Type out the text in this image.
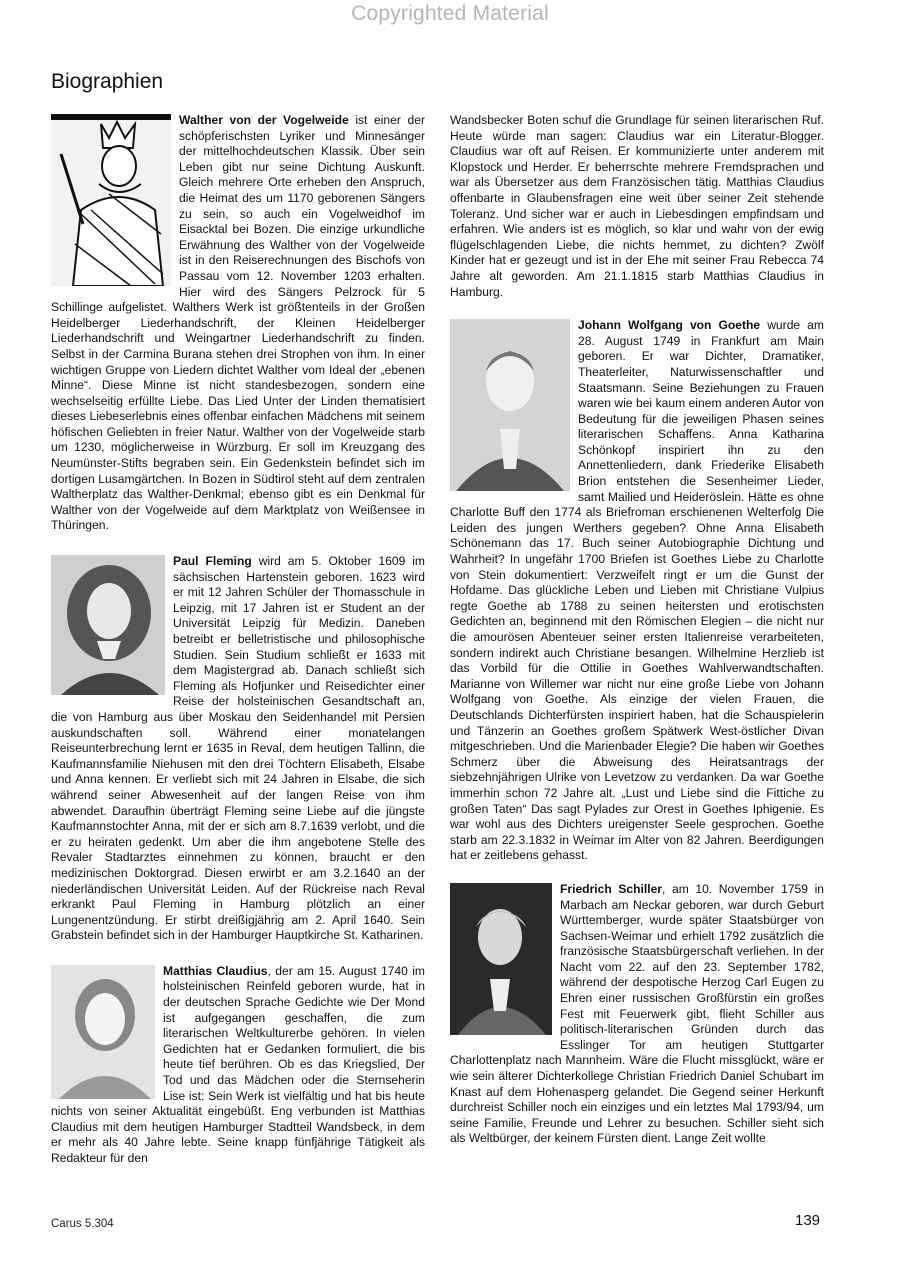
Copyrighted Material
Biographien

Walther von der Vogelweide ist einer der schöpferischsten Lyriker und Minnesänger der mittelhochdeutschen Klassik. Über sein Leben gibt nur seine Dichtung Auskunft. Gleich mehrere Orte erheben den Anspruch, die Heimat des um 1170 geborenen Sängers zu sein, so auch ein Vogelweidhof im Eisacktal bei Bozen. Die einzige urkundliche Erwähnung des Walther von der Vogelweide ist in den Reiserechnungen des Bischofs von Passau vom 12. November 1203 erhalten. Hier wird des Sängers Pelzrock für 5 Schillinge aufgelistet. Walthers Werk ist größtenteils in der Großen Heidelberger Liederhandschrift, der Kleinen Heidelberger Liederhandschrift und Weingartner Liederhandschrift zu finden. Selbst in der Carmina Burana stehen drei Strophen von ihm. In einer wichtigen Gruppe von Liedern dichtet Walther vom Ideal der „ebenen Minne“. Diese Minne ist nicht standesbezogen, sondern eine wechselseitig erfüllte Liebe. Das Lied Unter der Linden thematisiert dieses Liebeserlebnis eines offenbar einfachen Mädchens mit seinem höfischen Geliebten in freier Natur. Walther von der Vogelweide starb um 1230, möglicherweise in Würzburg. Er soll im Kreuzgang des Neumünster-Stifts begraben sein. Ein Gedenkstein befindet sich im dortigen Lusamgärtchen. In Bozen in Südtirol steht auf dem zentralen Waltherplatz das Walther-Denkmal; ebenso gibt es ein Denkmal für Walther von der Vogelweide auf dem Marktplatz von Weißensee in Thüringen.

Paul Fleming wird am 5. Oktober 1609 im sächsischen Hartenstein geboren. 1623 wird er mit 12 Jahren Schüler der Thomasschule in Leipzig, mit 17 Jahren ist er Student an der Universität Leipzig für Medizin. Daneben betreibt er belletristische und philosophische Studien. Sein Studium schließt er 1633 mit dem Magistergrad ab. Danach schließt sich Fleming als Hofjunker und Reisedichter einer Reise der holsteinischen Gesandtschaft an, die von Hamburg aus über Moskau den Seidenhandel mit Persien auskundschaften soll. Während einer monatelangen Reiseunterbrechung lernt er 1635 in Reval, dem heutigen Tallinn, die Kaufmannsfamilie Niehusen mit den drei Töchtern Elisabeth, Elsabe und Anna kennen. Er verliebt sich mit 24 Jahren in Elsabe, die sich während seiner Abwesenheit auf der langen Reise von ihm abwendet. Daraufhin überträgt Fleming seine Liebe auf die jüngste Kaufmannstochter Anna, mit der er sich am 8.7.1639 verlobt, und die er zu heiraten gedenkt. Um aber die ihm angebotene Stelle des Revaler Stadtarztes einnehmen zu können, braucht er den medizinischen Doktorgrad. Diesen erwirbt er am 3.2.1640 an der niederländischen Universität Leiden. Auf der Rückreise nach Reval erkrankt Paul Fleming in Hamburg plötzlich an einer Lungenentzündung. Er stirbt dreißigjährig am 2. April 1640. Sein Grabstein befindet sich in der Hamburger Hauptkirche St. Katharinen.

Matthias Claudius, der am 15. August 1740 im holsteinischen Reinfeld geboren wurde, hat in der deutschen Sprache Gedichte wie Der Mond ist aufgegangen geschaffen, die zum literarischen Weltkulturerbe gehören. In vielen Gedichten hat er Gedanken formuliert, die bis heute tief berühren. Ob es das Kriegslied, Der Tod und das Mädchen oder die Sternseherin Lise ist: Sein Werk ist vielfältig und hat bis heute nichts von seiner Aktualität eingebüßt. Eng verbunden ist Matthias Claudius mit dem heutigen Hamburger Stadtteil Wandsbeck, in dem er mehr als 40 Jahre lebte. Seine knapp fünfjährige Tätigkeit als Redakteur für den

Wandsbecker Boten schuf die Grundlage für seinen literarischen Ruf. Heute würde man sagen: Claudius war ein Literatur-Blogger. Claudius war oft auf Reisen. Er kommunizierte unter anderem mit Klopstock und Herder. Er beherrschte mehrere Fremdsprachen und war als Übersetzer aus dem Französischen tätig. Matthias Claudius offenbarte in Glaubensfragen eine weit über seiner Zeit stehende Toleranz. Und sicher war er auch in Liebesdingen empfindsam und erfahren. Wie anders ist es möglich, so klar und wahr von der ewig flügelschlagenden Liebe, die nichts hemmet, zu dichten? Zwölf Kinder hat er gezeugt und ist in der Ehe mit seiner Frau Rebecca 74 Jahre alt geworden. Am 21.1.1815 starb Matthias Claudius in Hamburg.

Johann Wolfgang von Goethe wurde am 28. August 1749 in Frankfurt am Main geboren. Er war Dichter, Dramatiker, Theaterleiter, Naturwissenschaftler und Staatsmann. Seine Beziehungen zu Frauen waren wie bei kaum einem anderen Autor von Bedeutung für die jeweiligen Phasen seines literarischen Schaffens. Anna Katharina Schönkopf inspiriert ihn zu den Annettenliedern, dank Friederike Elisabeth Brion entstehen die Sesenheimer Lieder, samt Mailied und Heideröslein. Hätte es ohne Charlotte Buff den 1774 als Briefroman erschienenen Welterfolg Die Leiden des jungen Werthers gegeben? Ohne Anna Elisabeth Schönemann das 17. Buch seiner Autobiographie Dichtung und Wahrheit? In ungefähr 1700 Briefen ist Goethes Liebe zu Charlotte von Stein dokumentiert: Verzweifelt ringt er um die Gunst der Hofdame. Das glückliche Leben und Lieben mit Christiane Vulpius regte Goethe ab 1788 zu seinen heitersten und erotischsten Gedichten an, beginnend mit den Römischen Elegien – die nicht nur die amourösen Abenteuer seiner ersten Italienreise verarbeiteten, sondern indirekt auch Christiane besangen. Wilhelmine Herzlieb ist das Vorbild für die Ottilie in Goethes Wahlverwandtschaften. Marianne von Willemer war nicht nur eine große Liebe von Johann Wolfgang von Goethe. Als einzige der vielen Frauen, die Deutschlands Dichterfürsten inspiriert haben, hat die Schauspielerin und Tänzerin an Goethes großem Spätwerk West-östlicher Divan mitgeschrieben. Und die Marienbader Elegie? Die haben wir Goethes Schmerz über die Abweisung des Heiratsantrags der siebzehnjährigen Ulrike von Levetzow zu verdanken. Da war Goethe immerhin schon 72 Jahre alt. „Lust und Liebe sind die Fittiche zu großen Taten“ Das sagt Pylades zur Orest in Goethes Iphigenie. Es war wohl aus des Dichters ureigenster Seele gesprochen. Goethe starb am 22.3.1832 in Weimar im Alter von 82 Jahren. Beerdigungen hat er zeitlebens gehasst.

Friedrich Schiller, am 10. November 1759 in Marbach am Neckar geboren, war durch Geburt Württemberger, wurde später Staatsbürger von Sachsen-Weimar und erhielt 1792 zusätzlich die französische Staatsbürgerschaft verliehen. In der Nacht vom 22. auf den 23. September 1782, während der despotische Herzog Carl Eugen zu Ehren einer russischen Großfürstin ein großes Fest mit Feuerwerk gibt, flieht Schiller aus politisch-literarischen Gründen durch das Esslinger Tor am heutigen Stuttgarter Charlottenplatz nach Mannheim. Wäre die Flucht missglückt, wäre er wie sein älterer Dichterkollege Christian Friedrich Daniel Schubart im Knast auf dem Hohenasperg gelandet. Die Gegend seiner Herkunft durchreist Schiller noch ein einziges und ein letztes Mal 1793/94, um seine Familie, Freunde und Lehrer zu besuchen. Schiller sieht sich als Weltbürger, der keinem Fürsten dient. Lange Zeit wollte

Carus 5.304	139
